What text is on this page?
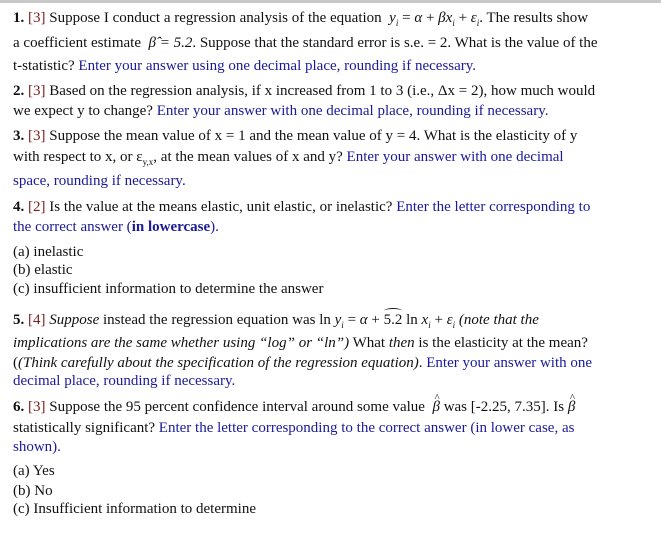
1. [3] Suppose I conduct a regression analysis of the equation $y_i = \alpha + \beta x_i + \varepsilon_i$. The results show
a coefficient estimate β̂ = 5.2. Suppose that the standard error is s.e. = 2. What is the value of the
t-statistic? Enter your answer using one decimal place, rounding if necessary.
2. [3] Based on the regression analysis, if x increased from 1 to 3 (i.e., Δx = 2), how much would
we expect y to change? Enter your answer with one decimal place, rounding if necessary.
3. [3] Suppose the mean value of x = 1 and the mean value of y = 4. What is the elasticity of y
with respect to x, or $\varepsilon_{y,x}$, at the mean values of x and y? Enter your answer with one decimal
space, rounding if necessary.
4. [2] Is the value at the means elastic, unit elastic, or inelastic? Enter the letter corresponding to
the correct answer (in lowercase).
(a) inelastic
(b) elastic
(c) insufficient information to determine the answer
5. [4] Suppose instead the regression equation was $\ln y_i = \alpha + 5.2$ $\ln x_i + \varepsilon_i$ (note that the
implications are the same whether using “log” or “ln”) What then is the elasticity at the mean?
((Think carefully about the specification of the regression equation). Enter your answer with one
decimal place, rounding if necessary.
6. [3] Suppose the 95 percent confidence interval around some value ^ β was [-2.25, 7.35]. Is ^ β
statistically significant? Enter the letter corresponding to the correct answer (in lower case, as
shown).
(a) Yes
(b) No
(c) Insufficient information to determine
